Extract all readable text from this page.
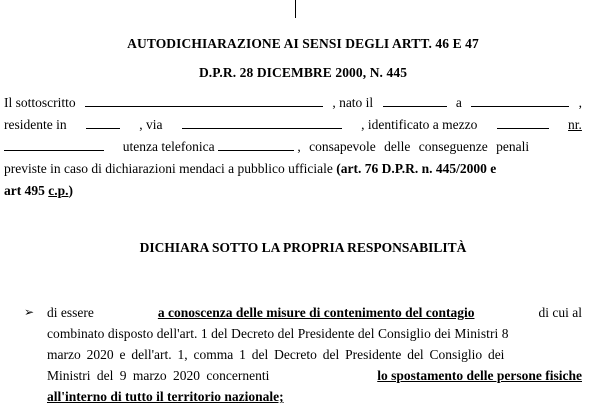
AUTODICHIARAZIONE AI SENSI DEGLI ARTT. 46 E 47
D.P.R. 28 DICEMBRE 2000, N. 445
Il sottoscritto	, nato il	a	,
residente in	, via	, identificato a mezzo	nr.
utenza telefonica	, consapevole delle conseguenze penali
previste in caso di dichiarazioni mendaci a pubblico ufficiale (art. 76 D.P.R. n. 445/2000 e
art 495 c.p.)
DICHIARA SOTTO LA PROPRIA RESPONSABILITÀ
➢ di essere	a conoscenza delle misure di contenimento del contagio	di cui al
combinato disposto dell'art. 1 del Decreto del Presidente del Consiglio dei Ministri 8
marzo 2020 e dell'art. 1, comma 1 del Decreto del Presidente del Consiglio dei
Ministri del 9 marzo 2020 concernenti	lo spostamento delle persone fisiche
all'interno di tutto il territorio nazionale;
